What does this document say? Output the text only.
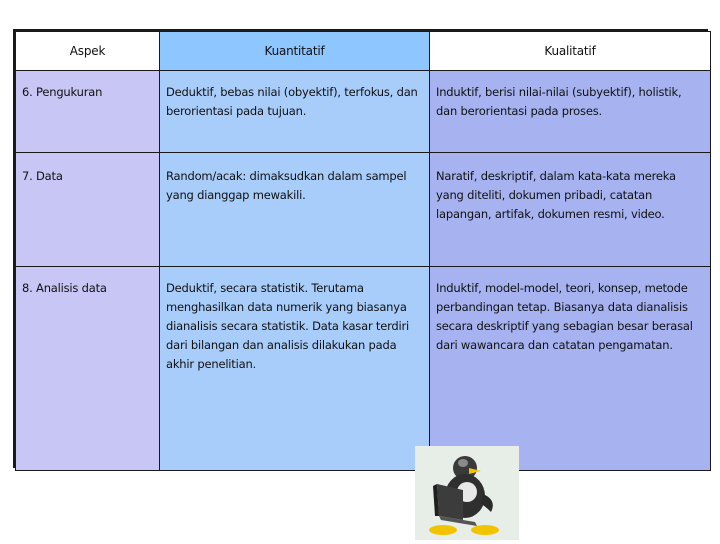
Aspek	Kuantitatif	Kualitatif
6. Pengukuran	Deduktif, bebas nilai (obyektif), terfokus, dan berorientasi pada tujuan.	Induktif, berisi nilai-nilai (subyektif), holistik, dan berorientasi pada proses.
7. Data	Random/acak: dimaksudkan dalam sampel yang dianggap mewakili.	Naratif, deskriptif, dalam kata-kata mereka yang diteliti, dokumen pribadi, catatan lapangan, artifak, dokumen resmi, video.
8. Analisis data	Deduktif, secara statistik. Terutama menghasilkan data numerik yang biasanya dianalisis secara statistik. Data kasar terdiri dari bilangan dan analisis dilakukan pada akhir penelitian.	Induktif, model-model, teori, konsep, metode perbandingan tetap. Biasanya data dianalisis secara deskriptif yang sebagian besar berasal dari wawancara dan catatan pengamatan.
